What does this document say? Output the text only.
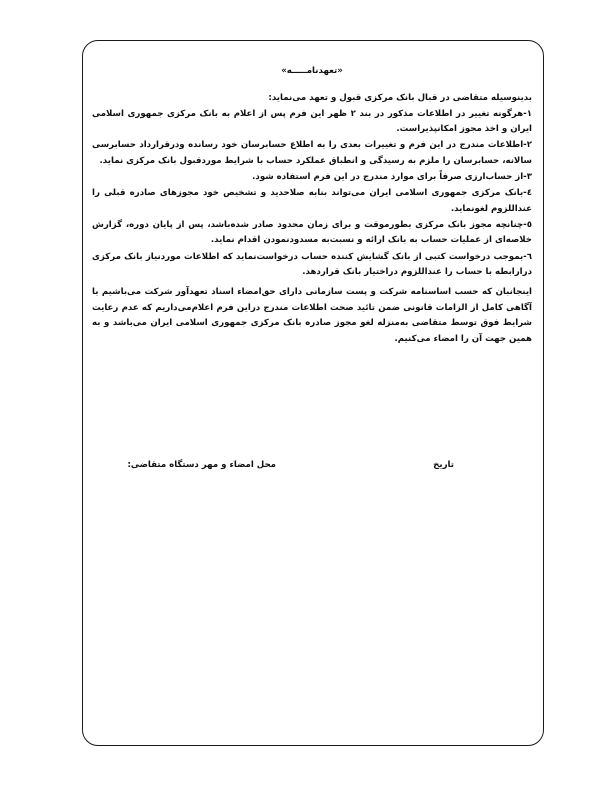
«تعهدنامـــــه»
بدینوسیله متقاضی در قبال بانک مرکزی قبول و تعهد می‌نماید:
۱-هرگونه تغییر در اطلاعات مذکور در بند ۲ ظهر این فرم پس از اعلام به بانک مرکزی جمهوری اسلامی ایران و اخذ مجوز امکانپذیراست.
۲-اطلاعات مندرج در این فرم و تغییرات بعدی را به اطلاع حسابرسان خود رسانده ودرقرارداد حسابرسی سالانه، حسابرسان را ملزم به رسیدگی و انطباق عملکرد حساب با شرایط موردقبول بانک مرکزی نماید.
۳-از حساب‌ارزی صرفاً برای موارد مندرج در این فرم استفاده شود.
٤-بانک مرکزی جمهوری اسلامی ایران می‌تواند بنابه صلاحدید و تشخیص خود مجوزهای صادره قبلی را عنداللزوم لغونماید.
٥-چنانچه مجوز بانک مرکزی بطورموقت و برای زمان محدود صادر شده‌باشد، پس از پایان دوره، گزارش خلاصه‌ای از عملیات حساب به بانک ارائه و نسبت‌به مسدودنمودن اقدام نماید.
٦-بموجب درخواست کتبی از بانک گشایش کننده حساب درخواست‌نماید که اطلاعات موردنیاز بانک مرکزی درارابطه با حساب را عنداللزوم دراختیار بانک قراردهد.
اینجانبان که حسب اساسنامه شرکت و پست سازمانی دارای حق‌امضاء اسناد تعهدآور شرکت می‌باشیم با آگاهی کامل از الزامات قانونی ضمن تائید صحت اطلاعات مندرج دراین فرم اعلام‌می‌داریم که عدم رعایت شرایط فوق توسط متقاضی به‌منزله لغو مجوز صادره بانک مرکزی جمهوری اسلامی ایران می‌باشد و به همین جهت آن را امضاء می‌کنیم.
تاریخ
محل امضاء و مهر دستگاه متقاضی:
